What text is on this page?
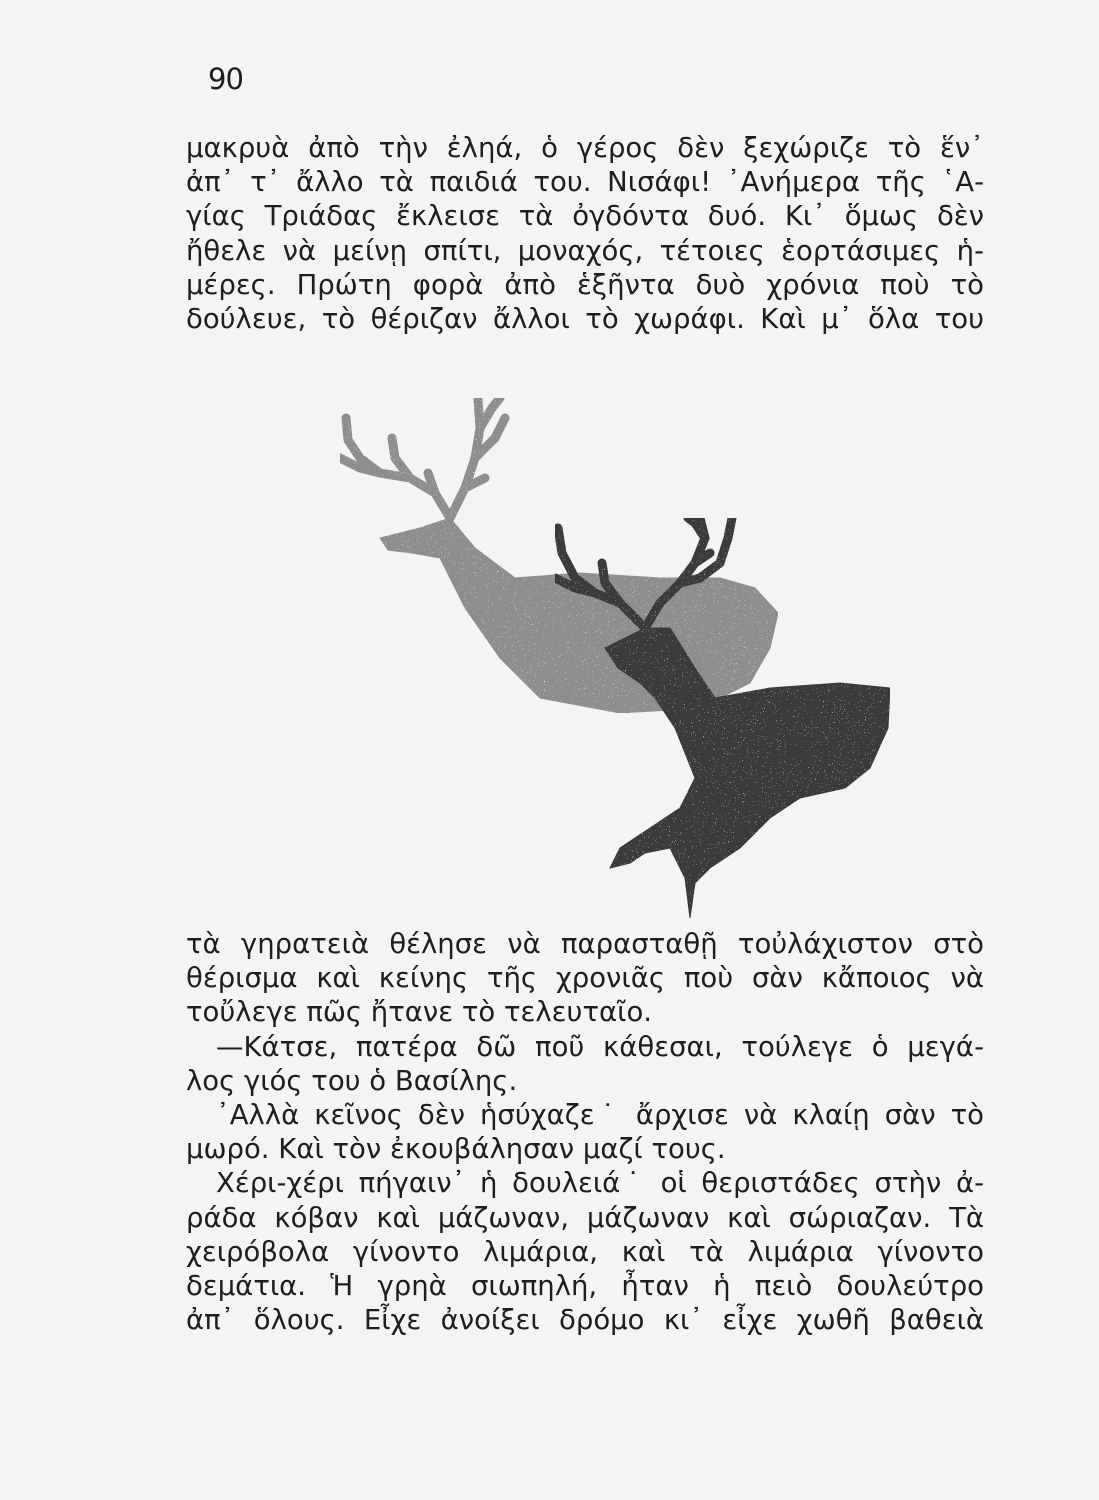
90
μακρυὰ ἀπὸ τὴν ἐληά, ὁ γέρος δὲν ξεχώριζε τὸ ἕν᾽
ἀπ᾽ τ᾽ ἄλλο τὰ παιδιά του. Νισάφι! ᾽Ανήμερα τῆς ῾Α-
γίας Τριάδας ἔκλεισε τὰ ὀγδόντα δυό. Κι᾽ ὅμως δὲν
ἤθελε νὰ μείνῃ σπίτι, μοναχός, τέτοιες ἑορτάσιμες ἡ-
μέρες. Πρώτη φορὰ ἀπὸ ἑξῆντα δυὸ χρόνια ποὺ τὸ
δούλευε, τὸ θέριζαν ἄλλοι τὸ χωράφι. Καὶ μ᾽ ὅλα του
τὰ γηρατειὰ θέλησε νὰ παρασταθῇ τοὐλάχιστον στὸ
θέρισμα καὶ κείνης τῆς χρονιᾶς ποὺ σὰν κἄποιος νὰ
τοὔλεγε πῶς ἤτανε τὸ τελευταῖο.
—Κάτσε, πατέρα δῶ ποῦ κάθεσαι, τούλεγε ὁ μεγά-
λος γιός του ὁ Βασίλης.
᾽Αλλὰ κεῖνος δὲν ἡσύχαζε˙ ἄρχισε νὰ κλαίῃ σὰν τὸ
μωρό. Καὶ τὸν ἐκουβάλησαν μαζί τους.
Χέρι-χέρι πήγαιν᾽ ἡ δουλειά˙ οἱ θεριστάδες στὴν ἀ-
ράδα κόβαν καὶ μάζωναν, μάζωναν καὶ σώριαζαν. Τὰ
χειρόβολα γίνοντο λιμάρια, καὶ τὰ λιμάρια γίνοντο
δεμάτια. Ἡ γρηὰ σιωπηλή, ἦταν ἡ πειὸ δουλεύτρο
ἀπ᾽ ὅλους. Εἶχε ἀνοίξει δρόμο κι᾽ εἶχε χωθῆ βαθειὰ
